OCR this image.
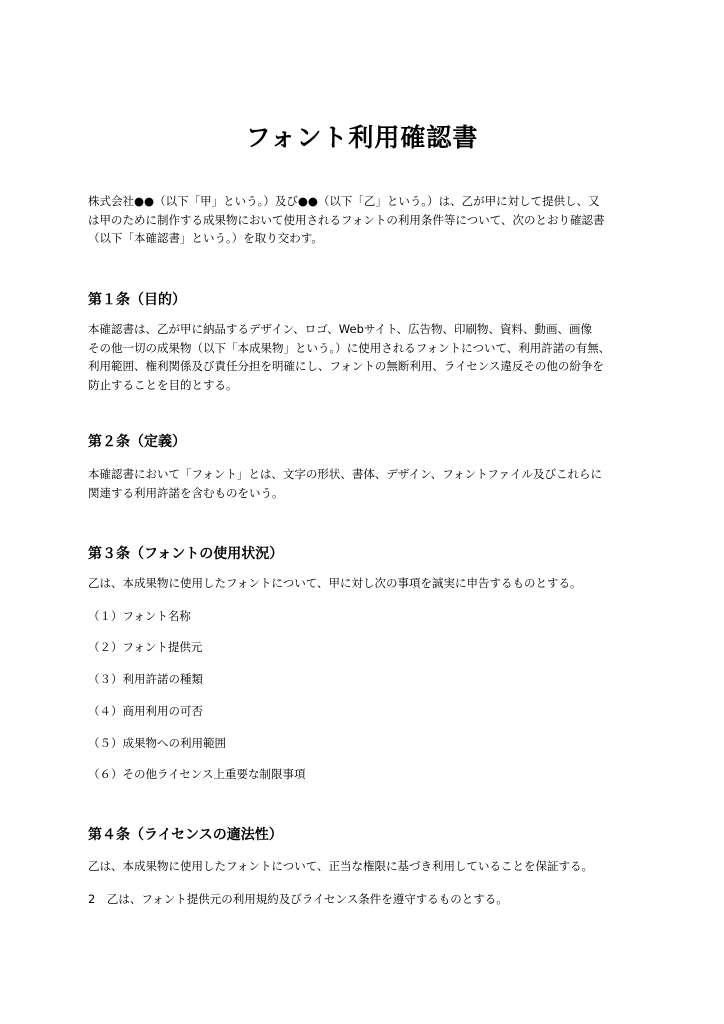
フォント利用確認書

株式会社●●（以下「甲」という。）及び●●（以下「乙」という。）は、乙が甲に対して提供し、又

は甲のために制作する成果物において使用されるフォントの利用条件等について、次のとおり確認書

（以下「本確認書」という。）を取り交わす。

第１条（目的）

本確認書は、乙が甲に納品するデザイン、ロゴ、Webサイト、広告物、印刷物、資料、動画、画像

その他一切の成果物（以下「本成果物」という。）に使用されるフォントについて、利用許諾の有無、

利用範囲、権利関係及び責任分担を明確にし、フォントの無断利用、ライセンス違反その他の紛争を

防止することを目的とする。

第２条（定義）

本確認書において「フォント」とは、文字の形状、書体、デザイン、フォントファイル及びこれらに

関連する利用許諾を含むものをいう。

第３条（フォントの使用状況）

乙は、本成果物に使用したフォントについて、甲に対し次の事項を誠実に申告するものとする。

（１）フォント名称

（２）フォント提供元

（３）利用許諾の種類

（４）商用利用の可否

（５）成果物への利用範囲

（６）その他ライセンス上重要な制限事項

第４条（ライセンスの適法性）

乙は、本成果物に使用したフォントについて、正当な権限に基づき利用していることを保証する。

2　乙は、フォント提供元の利用規約及びライセンス条件を遵守するものとする。
